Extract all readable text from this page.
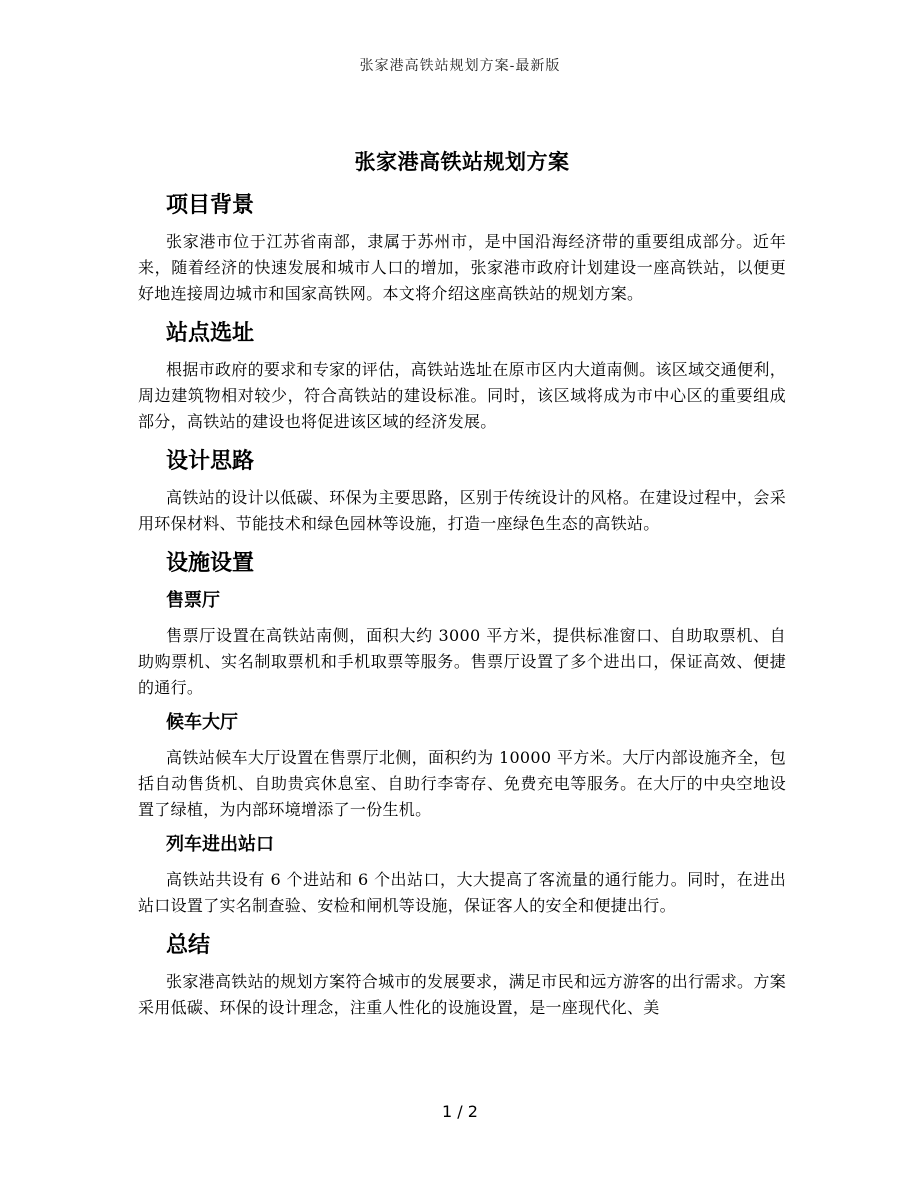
张家港高铁站规划方案-最新版
张家港高铁站规划方案
项目背景

张家港市位于江苏省南部，隶属于苏州市，是中国沿海经济带的重要组成部分。近年来，随着经济的快速发展和城市人口的增加，张家港市政府计划建设一座高铁站，以便更好地连接周边城市和国家高铁网。本文将介绍这座高铁站的规划方案。

站点选址

根据市政府的要求和专家的评估，高铁站选址在原市区内大道南侧。该区域交通便利，周边建筑物相对较少，符合高铁站的建设标准。同时，该区域将成为市中心区的重要组成部分，高铁站的建设也将促进该区域的经济发展。

设计思路

高铁站的设计以低碳、环保为主要思路，区别于传统设计的风格。在建设过程中，会采用环保材料、节能技术和绿色园林等设施，打造一座绿色生态的高铁站。

设施设置
售票厅

售票厅设置在高铁站南侧，面积大约 3000 平方米，提供标准窗口、自助取票机、自助购票机、实名制取票机和手机取票等服务。售票厅设置了多个进出口，保证高效、便捷的通行。

候车大厅

高铁站候车大厅设置在售票厅北侧，面积约为 10000 平方米。大厅内部设施齐全，包括自动售货机、自助贵宾休息室、自助行李寄存、免费充电等服务。在大厅的中央空地设置了绿植，为内部环境增添了一份生机。

列车进出站口

高铁站共设有 6 个进站和 6 个出站口，大大提高了客流量的通行能力。同时，在进出站口设置了实名制查验、安检和闸机等设施，保证客人的安全和便捷出行。

总结

张家港高铁站的规划方案符合城市的发展要求，满足市民和远方游客的出行需求。方案采用低碳、环保的设计理念，注重人性化的设施设置，是一座现代化、美

1 / 2
